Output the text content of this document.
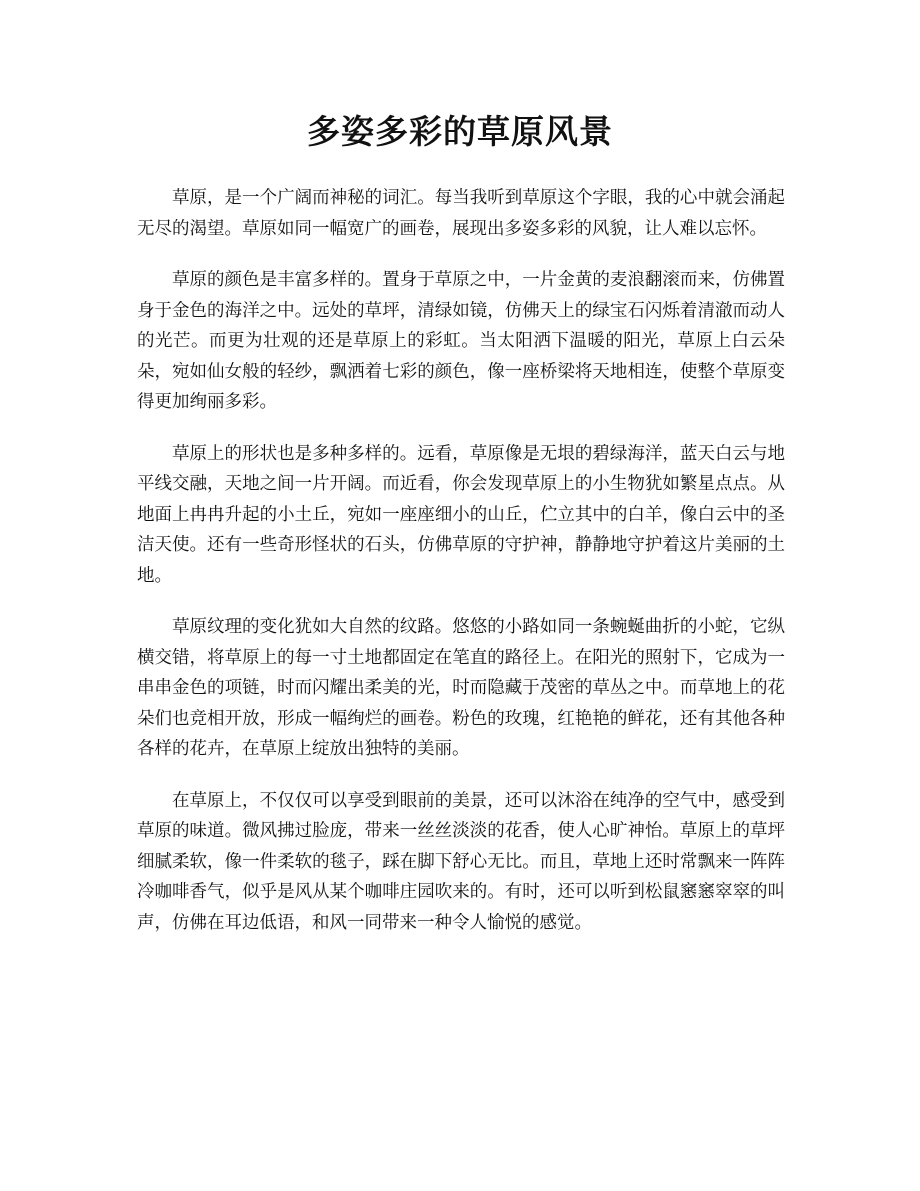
多姿多彩的草原风景

草原，是一个广阔而神秘的词汇。每当我听到草原这个字眼，我的心中就会涌起无尽的渴望。草原如同一幅宽广的画卷，展现出多姿多彩的风貌，让人难以忘怀。

草原的颜色是丰富多样的。置身于草原之中，一片金黄的麦浪翻滚而来，仿佛置身于金色的海洋之中。远处的草坪，清绿如镜，仿佛天上的绿宝石闪烁着清澈而动人的光芒。而更为壮观的还是草原上的彩虹。当太阳洒下温暖的阳光，草原上白云朵朵，宛如仙女般的轻纱，飘洒着七彩的颜色，像一座桥梁将天地相连，使整个草原变得更加绚丽多彩。

草原上的形状也是多种多样的。远看，草原像是无垠的碧绿海洋，蓝天白云与地平线交融，天地之间一片开阔。而近看，你会发现草原上的小生物犹如繁星点点。从地面上冉冉升起的小土丘，宛如一座座细小的山丘，伫立其中的白羊，像白云中的圣洁天使。还有一些奇形怪状的石头，仿佛草原的守护神，静静地守护着这片美丽的土地。

草原纹理的变化犹如大自然的纹路。悠悠的小路如同一条蜿蜒曲折的小蛇，它纵横交错，将草原上的每一寸土地都固定在笔直的路径上。在阳光的照射下，它成为一串串金色的项链，时而闪耀出柔美的光，时而隐藏于茂密的草丛之中。而草地上的花朵们也竞相开放，形成一幅绚烂的画卷。粉色的玫瑰，红艳艳的鲜花，还有其他各种各样的花卉，在草原上绽放出独特的美丽。

在草原上，不仅仅可以享受到眼前的美景，还可以沐浴在纯净的空气中，感受到草原的味道。微风拂过脸庞，带来一丝丝淡淡的花香，使人心旷神怡。草原上的草坪细腻柔软，像一件柔软的毯子，踩在脚下舒心无比。而且，草地上还时常飘来一阵阵冷咖啡香气，似乎是风从某个咖啡庄园吹来的。有时，还可以听到松鼠窸窸窣窣的叫声，仿佛在耳边低语，和风一同带来一种令人愉悦的感觉。
